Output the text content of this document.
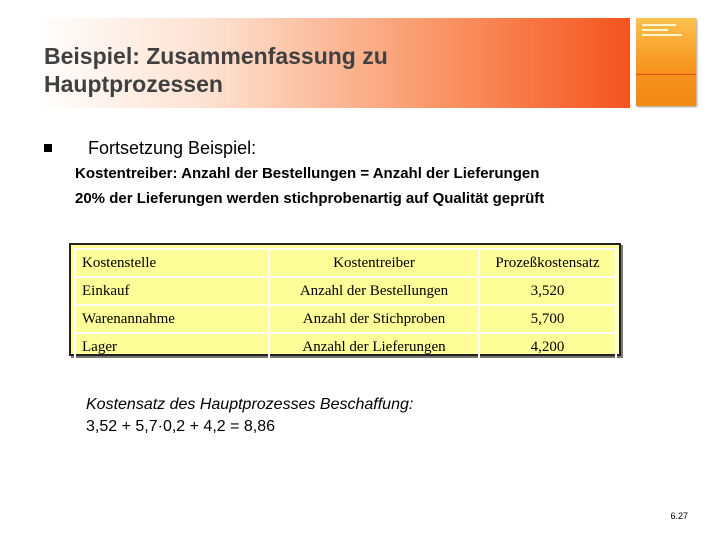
Beispiel: Zusammenfassung zu
Hauptprozessen
Fortsetzung Beispiel:
Kostentreiber: Anzahl der Bestellungen = Anzahl der Lieferungen
20% der Lieferungen werden stichprobenartig auf Qualität geprüft
Kostenstelle	Kostentreiber	Prozeßkostensatz
Einkauf	Anzahl der Bestellungen	3,520
Warenannahme	Anzahl der Stichproben	5,700
Lager	Anzahl der Lieferungen	4,200
Kostensatz des Hauptprozesses Beschaffung:
3,52 + 5,7·0,2 + 4,2 = 8,86
6.27
